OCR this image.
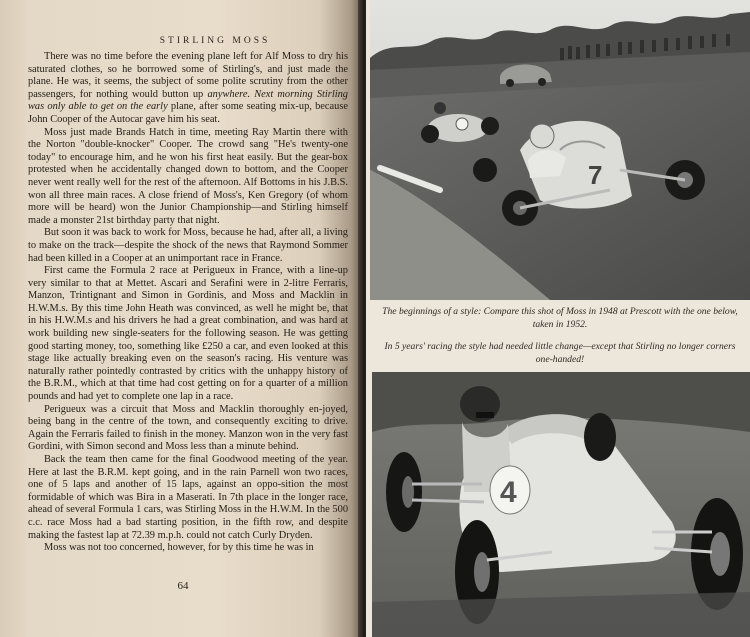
STIRLING MOSS

There was no time before the evening plane left for Alf Moss to dry his saturated clothes, so he borrowed some of Stirling's, and just made the plane. He was, it seems, the subject of some polite scrutiny from the other passengers, for nothing would button up anywhere. Next morning Stirling was only able to get on the early plane, after some seating mix-up, because John Cooper of the Autocar gave him his seat.

Moss just made Brands Hatch in time, meeting Ray Martin there with the Norton "double-knocker" Cooper. The crowd sang "He's twenty-one today" to encourage him, and he won his first heat easily. But the gear-box protested when he accidentally changed down to bottom, and the Cooper never went really well for the rest of the afternoon. Alf Bottoms in his J.B.S. won all three main races. A close friend of Moss's, Ken Gregory (of whom more will be heard) won the Junior Championship—and Stirling himself made a monster 21st birthday party that night.

But soon it was back to work for Moss, because he had, after all, a living to make on the track—despite the shock of the news that Raymond Sommer had been killed in a Cooper at an unimportant race in France.

First came the Formula 2 race at Perigueux in France, with a line-up very similar to that at Mettet. Ascari and Serafini were in 2-litre Ferraris, Manzon, Trintignant and Simon in Gordinis, and Moss and Macklin in H.W.M.s. By this time John Heath was convinced, as well he might be, that in his H.W.M.s and his drivers he had a great combination, and was hard at work building new single-seaters for the following season. He was getting good starting money, too, something like £250 a car, and even looked at this stage like actually breaking even on the season's racing. His venture was naturally rather pointedly contrasted by critics with the unhappy history of the B.R.M., which at that time had cost getting on for a quarter of a million pounds and had yet to complete one lap in a race.

Perigueux was a circuit that Moss and Macklin thoroughly en-joyed, being bang in the centre of the town, and consequently exciting to drive. Again the Ferraris failed to finish in the money. Manzon won in the very fast Gordini, with Simon second and Moss less than a minute behind.

Back the team then came for the final Goodwood meeting of the year. Here at last the B.R.M. kept going, and in the rain Parnell won two races, one of 5 laps and another of 15 laps, against an oppo-sition the most formidable of which was Bira in a Maserati. In 7th place in the longer race, ahead of several Formula 1 cars, was Stirling Moss in the H.W.M. In the 500 c.c. race Moss had a bad starting position, in the fifth row, and despite making the fastest lap at 72.39 m.p.h. could not catch Curly Dryden.

Moss was not too concerned, however, for by this time he was in

64
7

The beginnings of a style: Compare this shot of Moss in 1948 at Prescott with the one below, taken in 1952.

In 5 years' racing the style had needed little change—except that Stirling no longer corners one-handed!

4
